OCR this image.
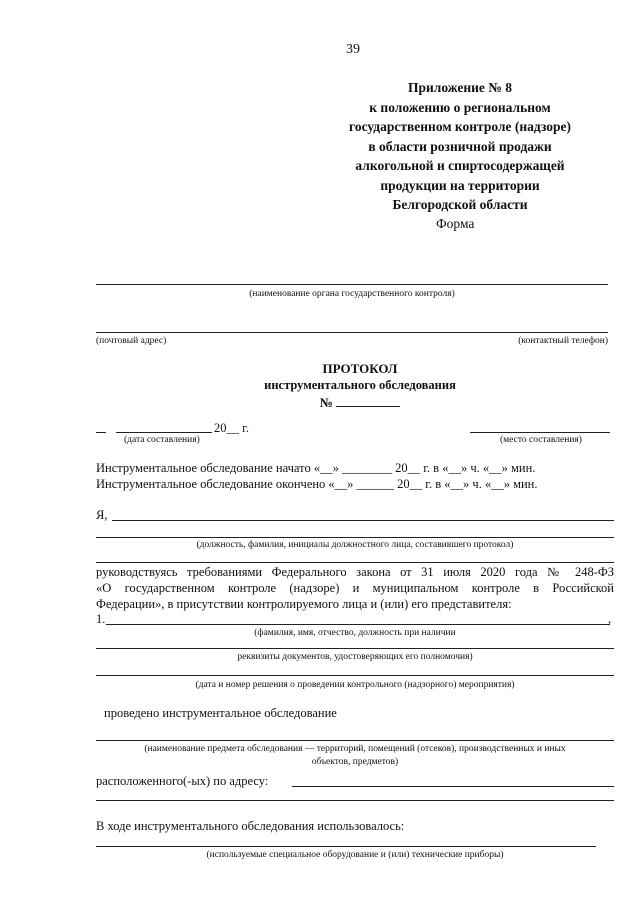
39
Приложение № 8
к положению о региональном
государственном контроле (надзоре)
в области розничной продажи
алкогольной и спиртосодержащей
продукции на территории
Белгородской области
Форма
(наименование органа государственного контроля)
(почтовый адрес)	(контактный телефон)
ПРОТОКОЛ
инструментального обследования
№
20__ г.
(дата составления)	(место составления)
Инструментальное обследование начато «__» ________ 20__ г. в «__» ч. «__» мин.
Инструментальное обследование окончено «__» ______ 20__ г. в «__» ч. «__» мин.
Я,
(должность, фамилия, инициалы должностного лица, составившего протокол)
руководствуясь требованиями Федерального закона от 31 июля 2020 года № 248-ФЗ
«О государственном контроле (надзоре) и муниципальном контроле в Российской
Федерации», в присутствии контролируемого лица и (или) его представителя:
1.	,
(фамилия, имя, отчество, должность при наличии
реквизиты документов, удостоверяющих его полномочия)
(дата и номер решения о проведении контрольного (надзорного) мероприятия)
проведено инструментальное обследование
(наименование предмета обследования — территорий, помещений (отсеков), производственных и иных
объектов, предметов)
расположенного(-ых) по адресу:
В ходе инструментального обследования использовалось:
(используемые специальное оборудование и (или) технические приборы)
